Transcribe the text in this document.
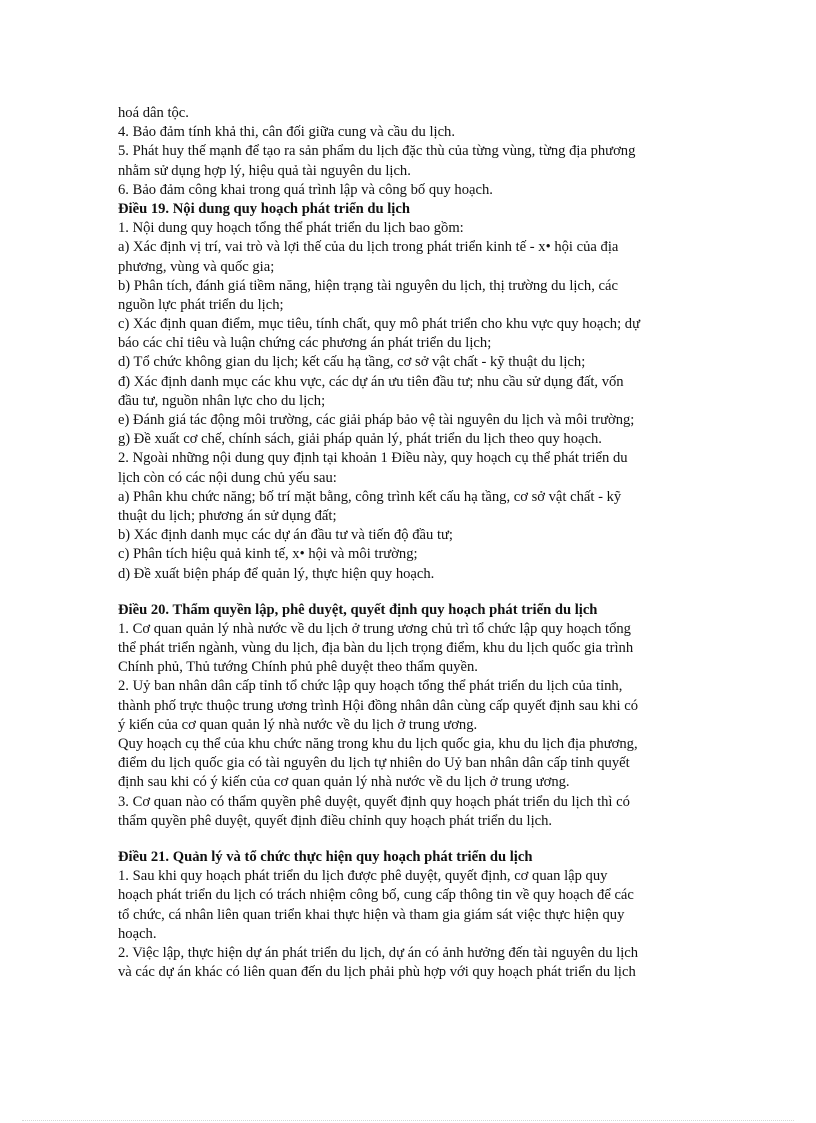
hoá dân tộc.
4. Bảo đảm tính khả thi, cân đối giữa cung và cầu du lịch.
5. Phát huy thế mạnh để tạo ra sản phẩm du lịch đặc thù của từng vùng, từng địa phương
nhằm sử dụng hợp lý, hiệu quả tài nguyên du lịch.
6. Bảo đảm công khai trong quá trình lập và công bố quy hoạch.
Điều 19. Nội dung quy hoạch phát triển du lịch
1. Nội dung quy hoạch tổng thể phát triển du lịch bao gồm:
a) Xác định vị trí, vai trò và lợi thế của du lịch trong phát triển kinh tế - x• hội của địa
phương, vùng và quốc gia;
b) Phân tích, đánh giá tiềm năng, hiện trạng tài nguyên du lịch, thị trường du lịch, các
nguồn lực phát triển du lịch;
c) Xác định quan điểm, mục tiêu, tính chất, quy mô phát triển cho khu vực quy hoạch; dự
báo các chỉ tiêu và luận chứng các phương án phát triển du lịch;
d) Tổ chức không gian du lịch; kết cấu hạ tầng, cơ sở vật chất - kỹ thuật du lịch;
đ) Xác định danh mục các khu vực, các dự án ưu tiên đầu tư; nhu cầu sử dụng đất, vốn
đầu tư, nguồn nhân lực cho du lịch;
e) Đánh giá tác động môi trường, các giải pháp bảo vệ tài nguyên du lịch và môi trường;
g) Đề xuất cơ chế, chính sách, giải pháp quản lý, phát triển du lịch theo quy hoạch.
2. Ngoài những nội dung quy định tại khoản 1 Điều này, quy hoạch cụ thể phát triển du
lịch còn có các nội dung chủ yếu sau:
a) Phân khu chức năng; bố trí mặt bằng, công trình kết cấu hạ tầng, cơ sở vật chất - kỹ
thuật du lịch; phương án sử dụng đất;
b) Xác định danh mục các dự án đầu tư và tiến độ đầu tư;
c) Phân tích hiệu quả kinh tế, x• hội và môi trường;
d) Đề xuất biện pháp để quản lý, thực hiện quy hoạch.
Điều 20. Thẩm quyền lập, phê duyệt, quyết định quy hoạch phát triển du lịch
1. Cơ quan quản lý nhà nước về du lịch ở trung ương chủ trì tổ chức lập quy hoạch tổng
thể phát triển ngành, vùng du lịch, địa bàn du lịch trọng điểm, khu du lịch quốc gia trình
Chính phủ, Thủ tướng Chính phủ phê duyệt theo thẩm quyền.
2. Uỷ ban nhân dân cấp tỉnh tổ chức lập quy hoạch tổng thể phát triển du lịch của tỉnh,
thành phố trực thuộc trung ương trình Hội đồng nhân dân cùng cấp quyết định sau khi có
ý kiến của cơ quan quản lý nhà nước về du lịch ở trung ương.
Quy hoạch cụ thể của khu chức năng trong khu du lịch quốc gia, khu du lịch địa phương,
điểm du lịch quốc gia có tài nguyên du lịch tự nhiên do Uỷ ban nhân dân cấp tỉnh quyết
định sau khi có ý kiến của cơ quan quản lý nhà nước về du lịch ở trung ương.
3. Cơ quan nào có thẩm quyền phê duyệt, quyết định quy hoạch phát triển du lịch thì có
thẩm quyền phê duyệt, quyết định điều chỉnh quy hoạch phát triển du lịch.
Điều 21. Quản lý và tổ chức thực hiện quy hoạch phát triển du lịch
1. Sau khi quy hoạch phát triển du lịch được phê duyệt, quyết định, cơ quan lập quy
hoạch phát triển du lịch có trách nhiệm công bố, cung cấp thông tin về quy hoạch để các
tổ chức, cá nhân liên quan triển khai thực hiện và tham gia giám sát việc thực hiện quy
hoạch.
2. Việc lập, thực hiện dự án phát triển du lịch, dự án có ảnh hưởng đến tài nguyên du lịch
và các dự án khác có liên quan đến du lịch phải phù hợp với quy hoạch phát triển du lịch
